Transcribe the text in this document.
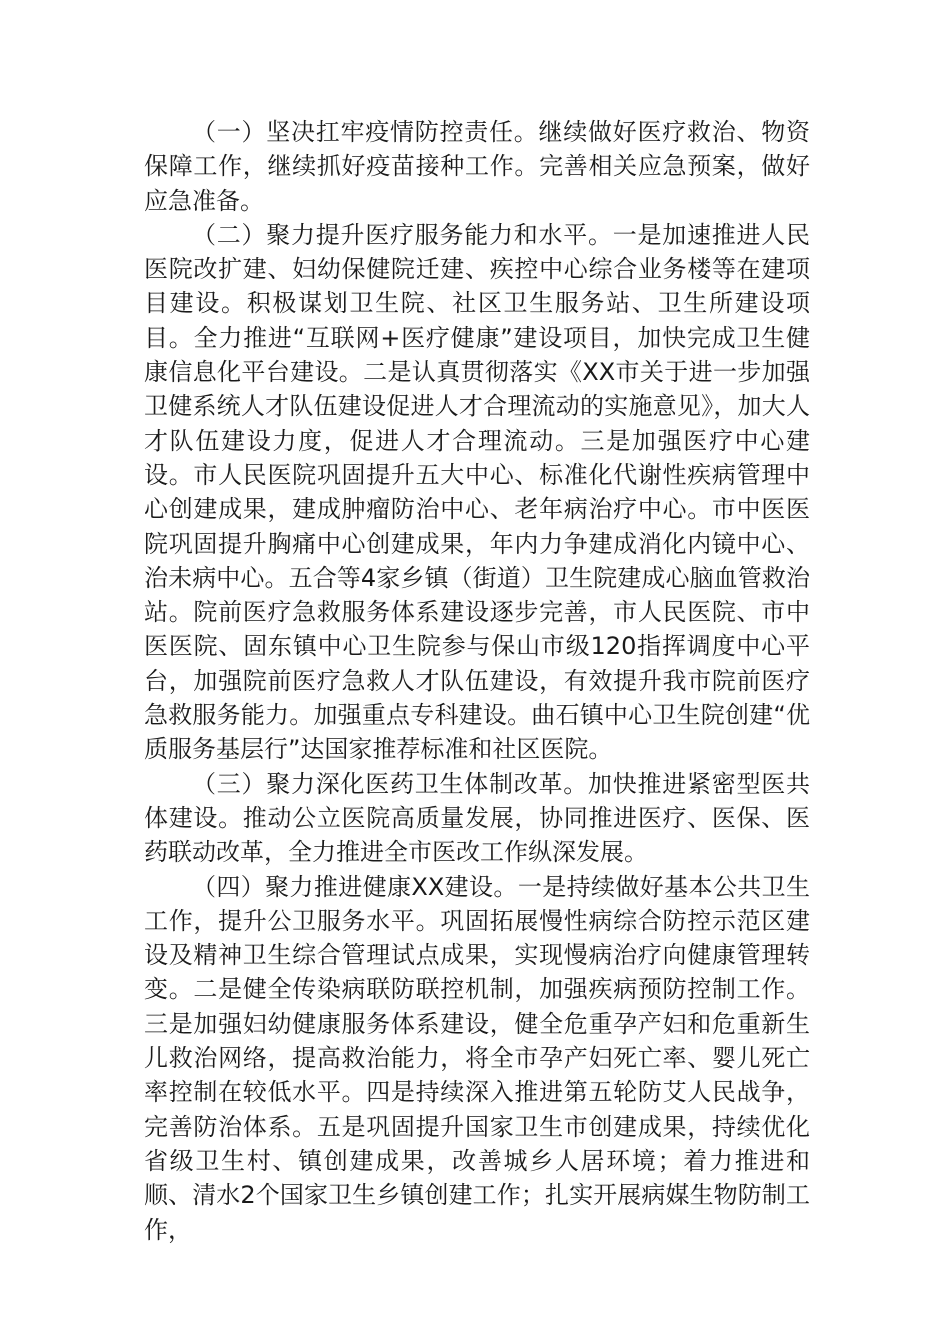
（一）坚决扛牢疫情防控责任。继续做好医疗救治、物资保障工作，继续抓好疫苗接种工作。完善相关应急预案，做好应急准备。

（二）聚力提升医疗服务能力和水平。一是加速推进人民医院改扩建、妇幼保健院迁建、疾控中心综合业务楼等在建项目建设。积极谋划卫生院、社区卫生服务站、卫生所建设项目。全力推进“互联网+医疗健康”建设项目，加快完成卫生健康信息化平台建设。二是认真贯彻落实《XX市关于进一步加强卫健系统人才队伍建设促进人才合理流动的实施意见》，加大人才队伍建设力度，促进人才合理流动。三是加强医疗中心建设。市人民医院巩固提升五大中心、标准化代谢性疾病管理中心创建成果，建成肿瘤防治中心、老年病治疗中心。市中医医院巩固提升胸痛中心创建成果，年内力争建成消化内镜中心、治未病中心。五合等4家乡镇（街道）卫生院建成心脑血管救治站。院前医疗急救服务体系建设逐步完善，市人民医院、市中医医院、固东镇中心卫生院参与保山市级120指挥调度中心平台，加强院前医疗急救人才队伍建设，有效提升我市院前医疗急救服务能力。加强重点专科建设。曲石镇中心卫生院创建“优质服务基层行”达国家推荐标准和社区医院。

（三）聚力深化医药卫生体制改革。加快推进紧密型医共体建设。推动公立医院高质量发展，协同推进医疗、医保、医药联动改革，全力推进全市医改工作纵深发展。

（四）聚力推进健康XX建设。一是持续做好基本公共卫生工作，提升公卫服务水平。巩固拓展慢性病综合防控示范区建设及精神卫生综合管理试点成果，实现慢病治疗向健康管理转变。二是健全传染病联防联控机制，加强疾病预防控制工作。三是加强妇幼健康服务体系建设，健全危重孕产妇和危重新生儿救治网络，提高救治能力，将全市孕产妇死亡率、婴儿死亡率控制在较低水平。四是持续深入推进第五轮防艾人民战争，完善防治体系。五是巩固提升国家卫生市创建成果，持续优化省级卫生村、镇创建成果，改善城乡人居环境；着力推进和顺、清水2个国家卫生乡镇创建工作；扎实开展病媒生物防制工作，
